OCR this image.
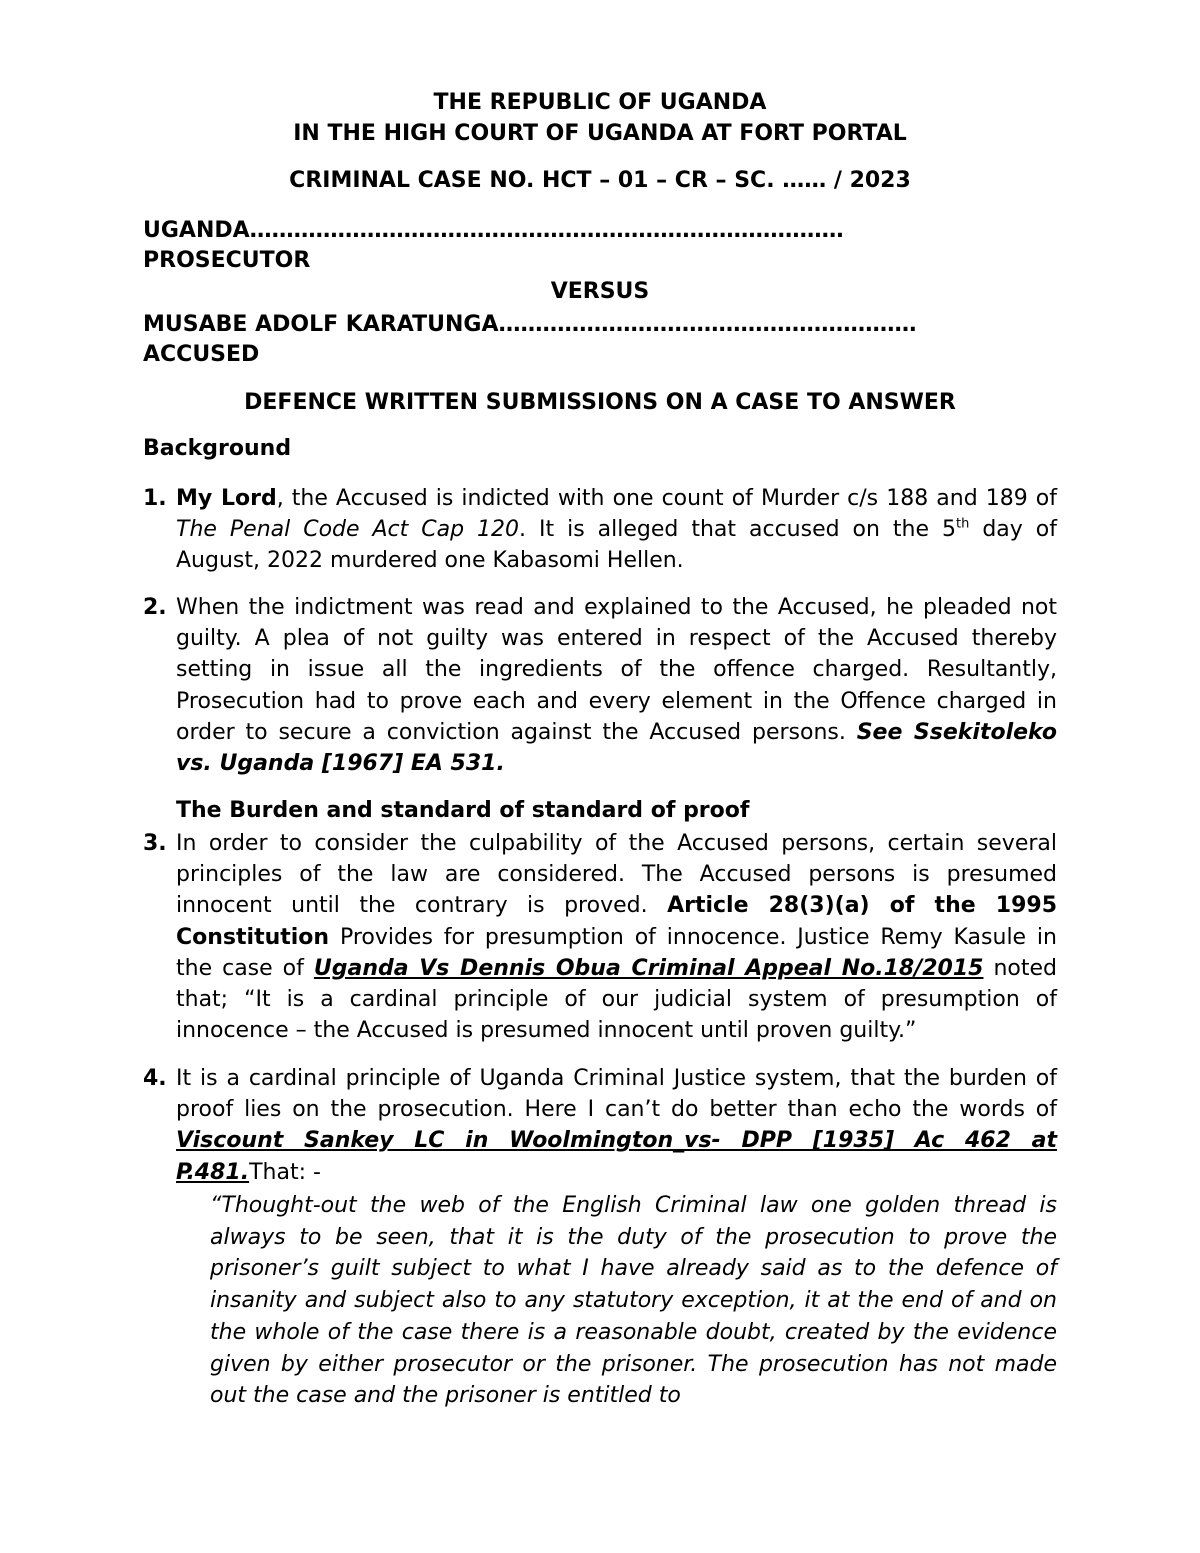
THE REPUBLIC OF UGANDA
IN THE HIGH COURT OF UGANDA AT FORT PORTAL
CRIMINAL CASE NO. HCT – 01 – CR – SC. …… / 2023
UGANDA………………………………………………………………………
PROSECUTOR
VERSUS
MUSABE ADOLF KARATUNGA…………………………………………………
ACCUSED
DEFENCE WRITTEN SUBMISSIONS ON A CASE TO ANSWER
Background
1. My Lord, the Accused is indicted with one count of Murder c/s 188 and 189 of The Penal Code Act Cap 120. It is alleged that accused on the 5th day of August, 2022 murdered one Kabasomi Hellen.
2. When the indictment was read and explained to the Accused, he pleaded not guilty. A plea of not guilty was entered in respect of the Accused thereby setting in issue all the ingredients of the offence charged. Resultantly, Prosecution had to prove each and every element in the Offence charged in order to secure a conviction against the Accused persons. See Ssekitoleko vs. Uganda [1967] EA 531.
The Burden and standard of standard of proof
3. In order to consider the culpability of the Accused persons, certain several principles of the law are considered. The Accused persons is presumed innocent until the contrary is proved. Article 28(3)(a) of the 1995 Constitution Provides for presumption of innocence. Justice Remy Kasule in the case of Uganda Vs Dennis Obua Criminal Appeal No.18/2015 noted that; “It is a cardinal principle of our judicial system of presumption of innocence – the Accused is presumed innocent until proven guilty.”
4. It is a cardinal principle of Uganda Criminal Justice system, that the burden of proof lies on the prosecution. Here I can’t do better than echo the words of Viscount Sankey LC in Woolmington_vs- DPP [1935] Ac 462 at P.481.That: -
“Thought-out the web of the English Criminal law one golden thread is always to be seen, that it is the duty of the prosecution to prove the prisoner’s guilt subject to what I have already said as to the defence of insanity and subject also to any statutory exception, it at the end of and on the whole of the case there is a reasonable doubt, created by the evidence given by either prosecutor or the prisoner. The prosecution has not made out the case and the prisoner is entitled to
